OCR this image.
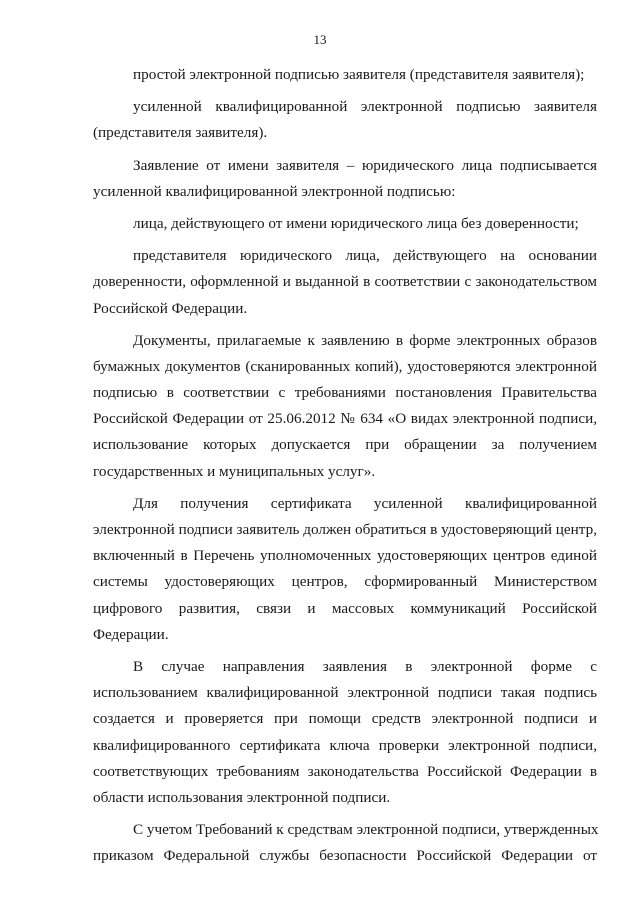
13
простой электронной подписью заявителя (представителя заявителя);
усиленной квалифицированной электронной подписью заявителя
(представителя заявителя).
Заявление от имени заявителя – юридического лица подписывается
усиленной квалифицированной электронной подписью:
лица, действующего от имени юридического лица без доверенности;
представителя юридического лица, действующего на основании
доверенности, оформленной и выданной в соответствии с законодательством
Российской Федерации.
Документы, прилагаемые к заявлению в форме электронных образов
бумажных документов (сканированных копий), удостоверяются электронной
подписью в соответствии с требованиями постановления Правительства
Российской Федерации от 25.06.2012 № 634 «О видах электронной подписи,
использование которых допускается при обращении за получением
государственных и муниципальных услуг».
Для получения сертификата усиленной квалифицированной
электронной подписи заявитель должен обратиться в удостоверяющий центр,
включенный в Перечень уполномоченных удостоверяющих центров единой
системы удостоверяющих центров, сформированный Министерством
цифрового развития, связи и массовых коммуникаций Российской
Федерации.
В случае направления заявления в электронной форме с
использованием квалифицированной электронной подписи такая подпись
создается и проверяется при помощи средств электронной подписи и
квалифицированного сертификата ключа проверки электронной подписи,
соответствующих требованиям законодательства Российской Федерации в
области использования электронной подписи.
С учетом Требований к средствам электронной подписи, утвержденных
приказом Федеральной службы безопасности Российской Федерации от
